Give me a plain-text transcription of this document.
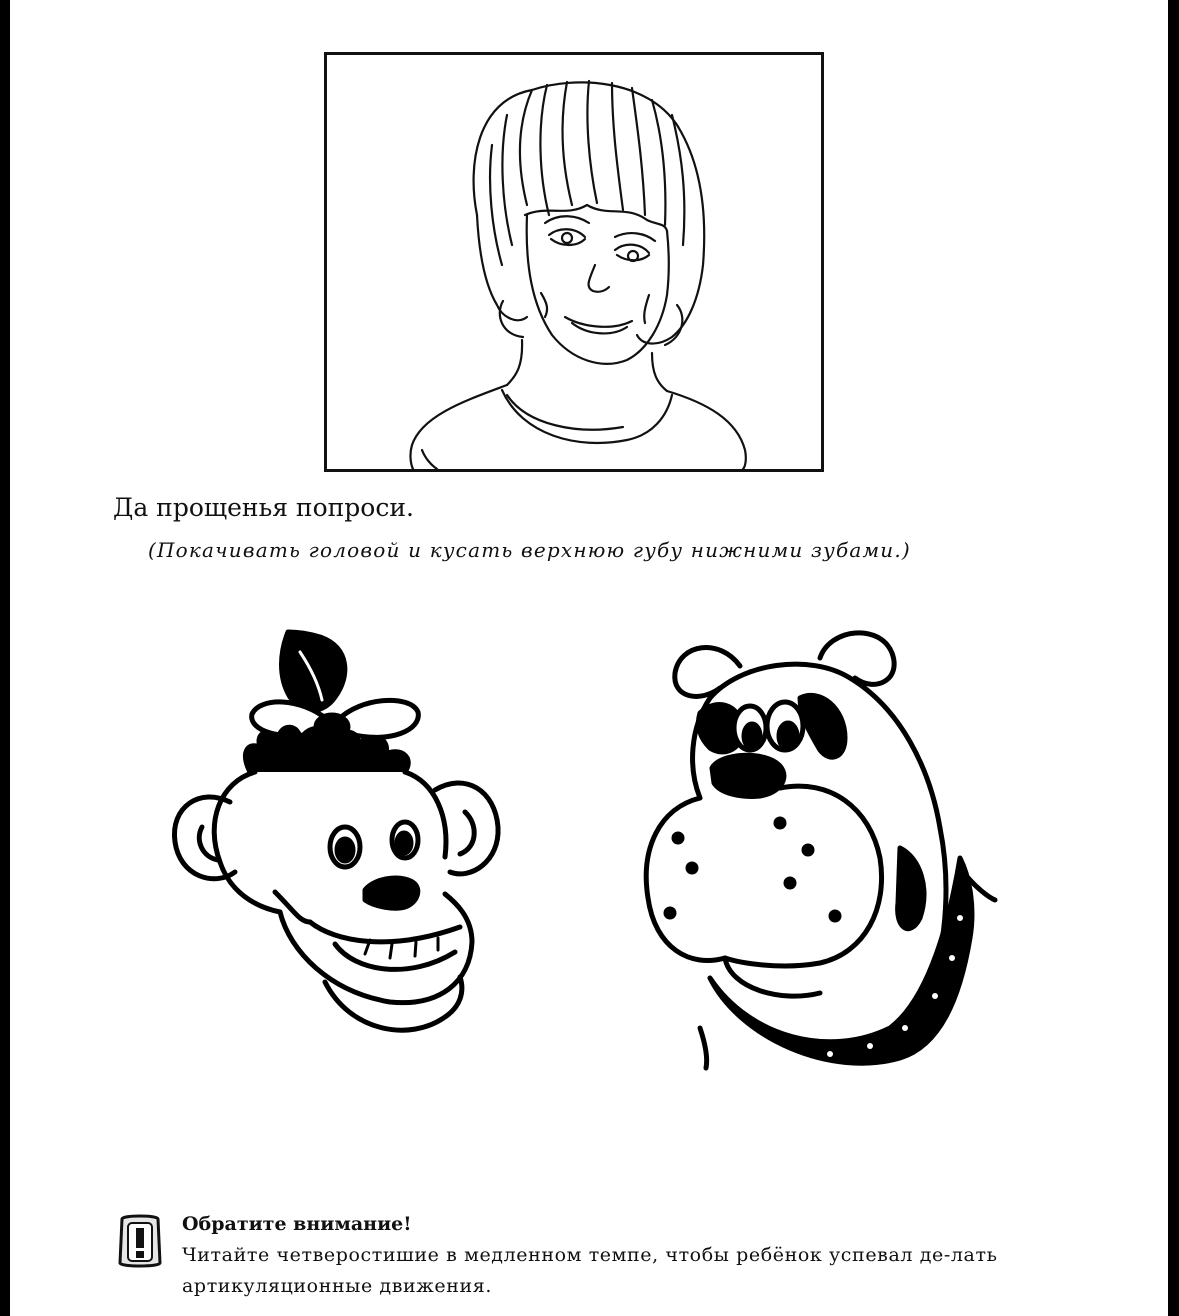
Да прощенья попроси.
(Покачивать головой и кусать верхнюю губу нижними зубами.)
Обратите внимание!
Читайте четверостишие в медленном темпе, чтобы ребёнок успевал де-лать артикуляционные движения.
